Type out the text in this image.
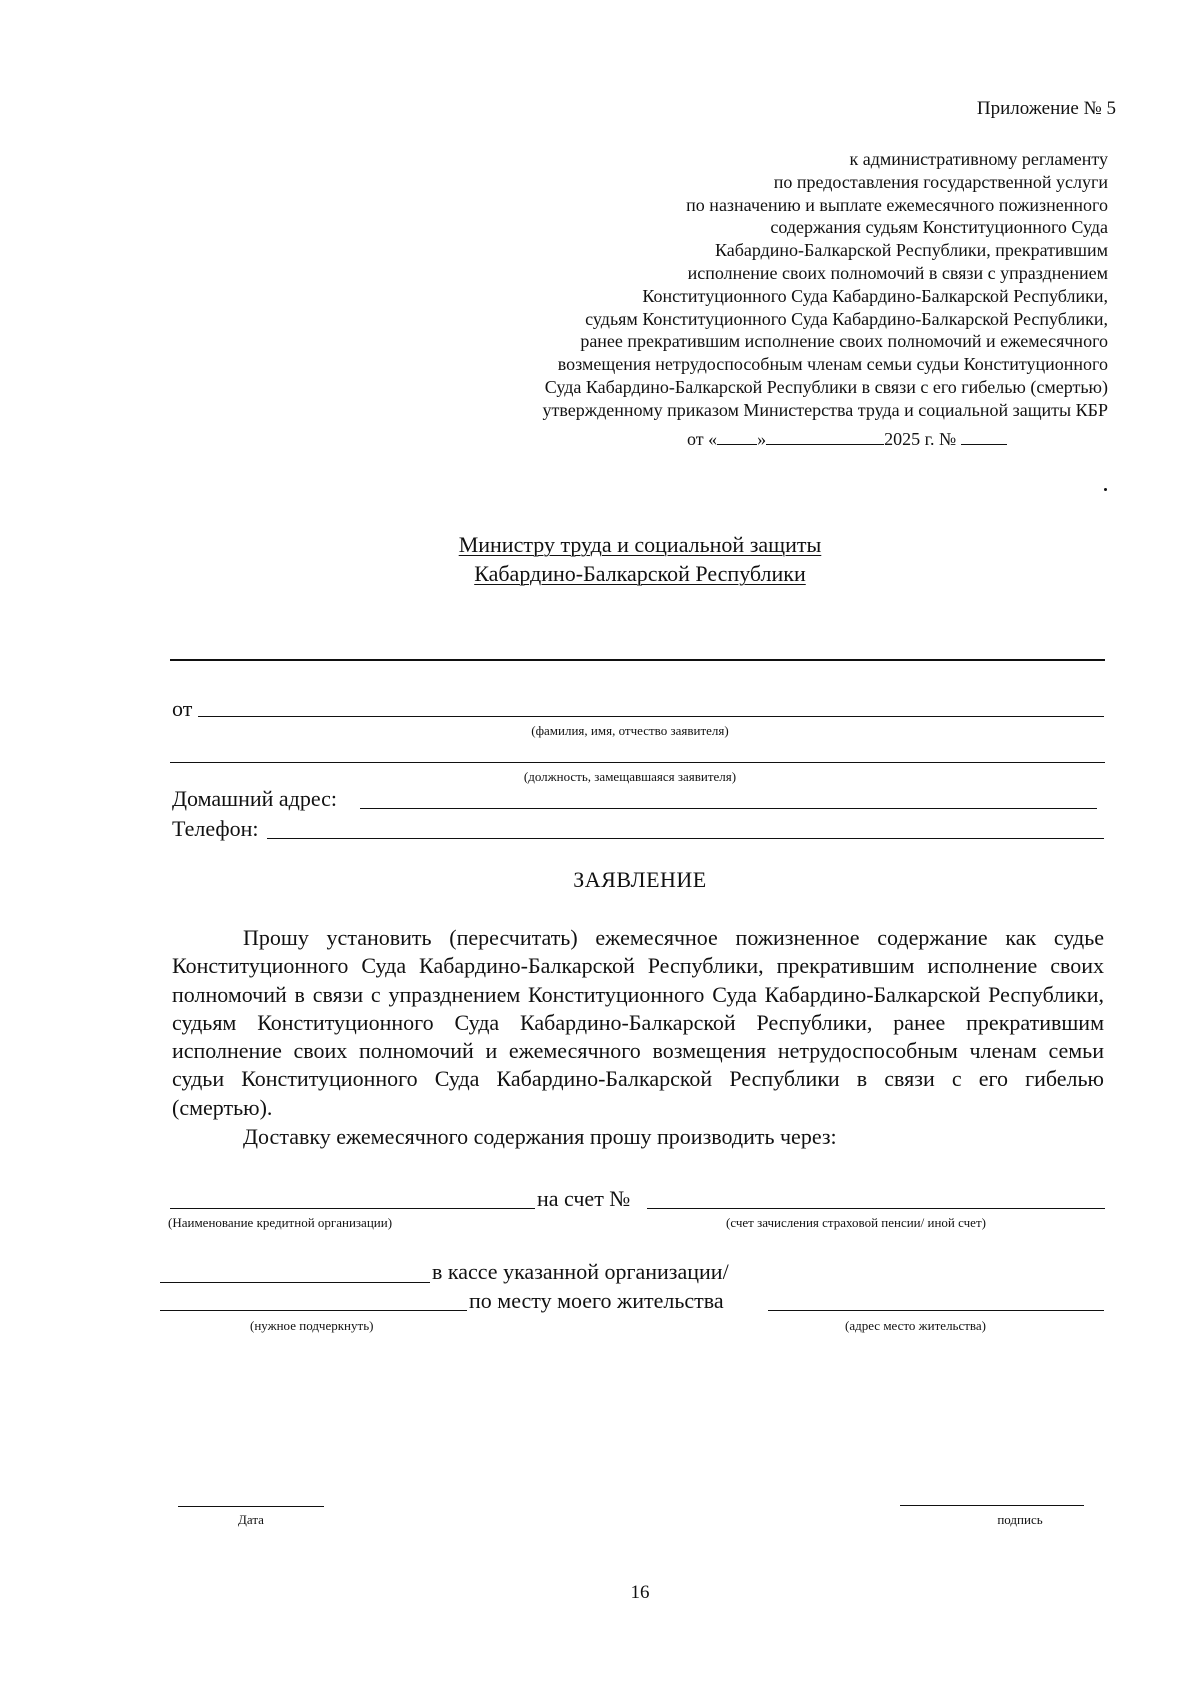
Приложение № 5
к административному регламенту
по предоставления государственной услуги
по назначению и выплате ежемесячного пожизненного
содержания судьям Конституционного Суда
Кабардино-Балкарской Республики, прекратившим
исполнение своих полномочий в связи с упразднением
Конституционного Суда Кабардино-Балкарской Республики,
судьям Конституционного Суда Кабардино-Балкарской Республики,
ранее прекратившим исполнение своих полномочий и ежемесячного
возмещения нетрудоспособным членам семьи судьи Конституционного
Суда Кабардино-Балкарской Республики в связи с его гибелью (смертью)
утвержденному приказом Министерства труда и социальной защиты КБР
от « »	2025 г. №
Министру труда и социальной защиты
Кабардино-Балкарской Республики
от
(фамилия, имя, отчество заявителя)
(должность, замещавшаяся заявителя)
Домашний адрес:
Телефон:
ЗАЯВЛЕНИЕ

Прошу установить (пересчитать) ежемесячное пожизненное содержание как судье Конституционного Суда Кабардино-Балкарской Республики, прекратившим исполнение своих полномочий в связи с упразднением Конституционного Суда Кабардино-Балкарской Республики, судьям Конституционного Суда Кабардино-Балкарской Республики, ранее прекратившим исполнение своих полномочий и ежемесячного возмещения нетрудоспособным членам семьи судьи Конституционного Суда Кабардино-Балкарской Республики в связи с его гибелью (смертью).

Доставку ежемесячного содержания прошу производить через:
на счет №
(Наименование кредитной организации)	(счет зачисления страховой пенсии/ иной счет)
в кассе указанной организации/
по месту моего жительства
(нужное подчеркнуть)	(адрес место жительства)
Дата	подпись
16
